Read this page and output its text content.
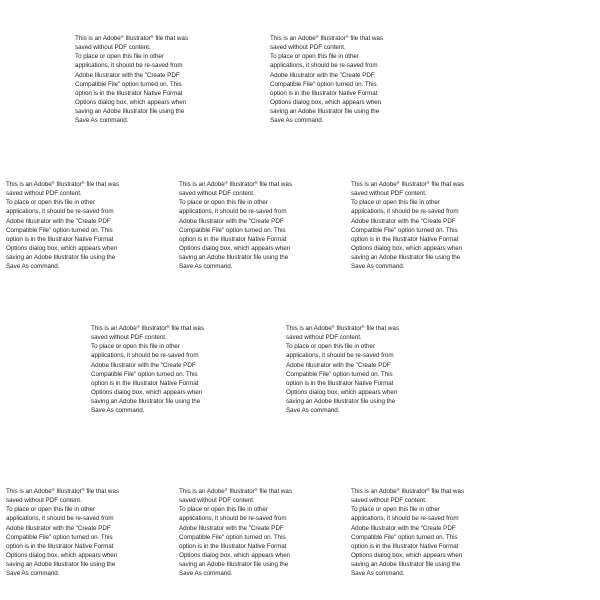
This is an Adobe® Illustrator® file that was
saved without PDF content.
To place or open this file in other
applications, it should be re-saved from
Adobe Illustrator with the "Create PDF
Compatible File" option turned on. This
option is in the Illustrator Native Format
Options dialog box, which appears when
saving an Adobe Illustrator file using the
Save As command.
This is an Adobe® Illustrator® file that was
saved without PDF content.
To place or open this file in other
applications, it should be re-saved from
Adobe Illustrator with the "Create PDF
Compatible File" option turned on. This
option is in the Illustrator Native Format
Options dialog box, which appears when
saving an Adobe Illustrator file using the
Save As command.
This is an Adobe® Illustrator® file that was
saved without PDF content.
To place or open this file in other
applications, it should be re-saved from
Adobe Illustrator with the "Create PDF
Compatible File" option turned on. This
option is in the Illustrator Native Format
Options dialog box, which appears when
saving an Adobe Illustrator file using the
Save As command.
This is an Adobe® Illustrator® file that was
saved without PDF content.
To place or open this file in other
applications, it should be re-saved from
Adobe Illustrator with the "Create PDF
Compatible File" option turned on. This
option is in the Illustrator Native Format
Options dialog box, which appears when
saving an Adobe Illustrator file using the
Save As command.
This is an Adobe® Illustrator® file that was
saved without PDF content.
To place or open this file in other
applications, it should be re-saved from
Adobe Illustrator with the "Create PDF
Compatible File" option turned on. This
option is in the Illustrator Native Format
Options dialog box, which appears when
saving an Adobe Illustrator file using the
Save As command.
This is an Adobe® Illustrator® file that was
saved without PDF content.
To place or open this file in other
applications, it should be re-saved from
Adobe Illustrator with the "Create PDF
Compatible File" option turned on. This
option is in the Illustrator Native Format
Options dialog box, which appears when
saving an Adobe Illustrator file using the
Save As command.
This is an Adobe® Illustrator® file that was
saved without PDF content.
To place or open this file in other
applications, it should be re-saved from
Adobe Illustrator with the "Create PDF
Compatible File" option turned on. This
option is in the Illustrator Native Format
Options dialog box, which appears when
saving an Adobe Illustrator file using the
Save As command.
This is an Adobe® Illustrator® file that was
saved without PDF content.
To place or open this file in other
applications, it should be re-saved from
Adobe Illustrator with the "Create PDF
Compatible File" option turned on. This
option is in the Illustrator Native Format
Options dialog box, which appears when
saving an Adobe Illustrator file using the
Save As command.
This is an Adobe® Illustrator® file that was
saved without PDF content.
To place or open this file in other
applications, it should be re-saved from
Adobe Illustrator with the "Create PDF
Compatible File" option turned on. This
option is in the Illustrator Native Format
Options dialog box, which appears when
saving an Adobe Illustrator file using the
Save As command.
This is an Adobe® Illustrator® file that was
saved without PDF content.
To place or open this file in other
applications, it should be re-saved from
Adobe Illustrator with the "Create PDF
Compatible File" option turned on. This
option is in the Illustrator Native Format
Options dialog box, which appears when
saving an Adobe Illustrator file using the
Save As command.
